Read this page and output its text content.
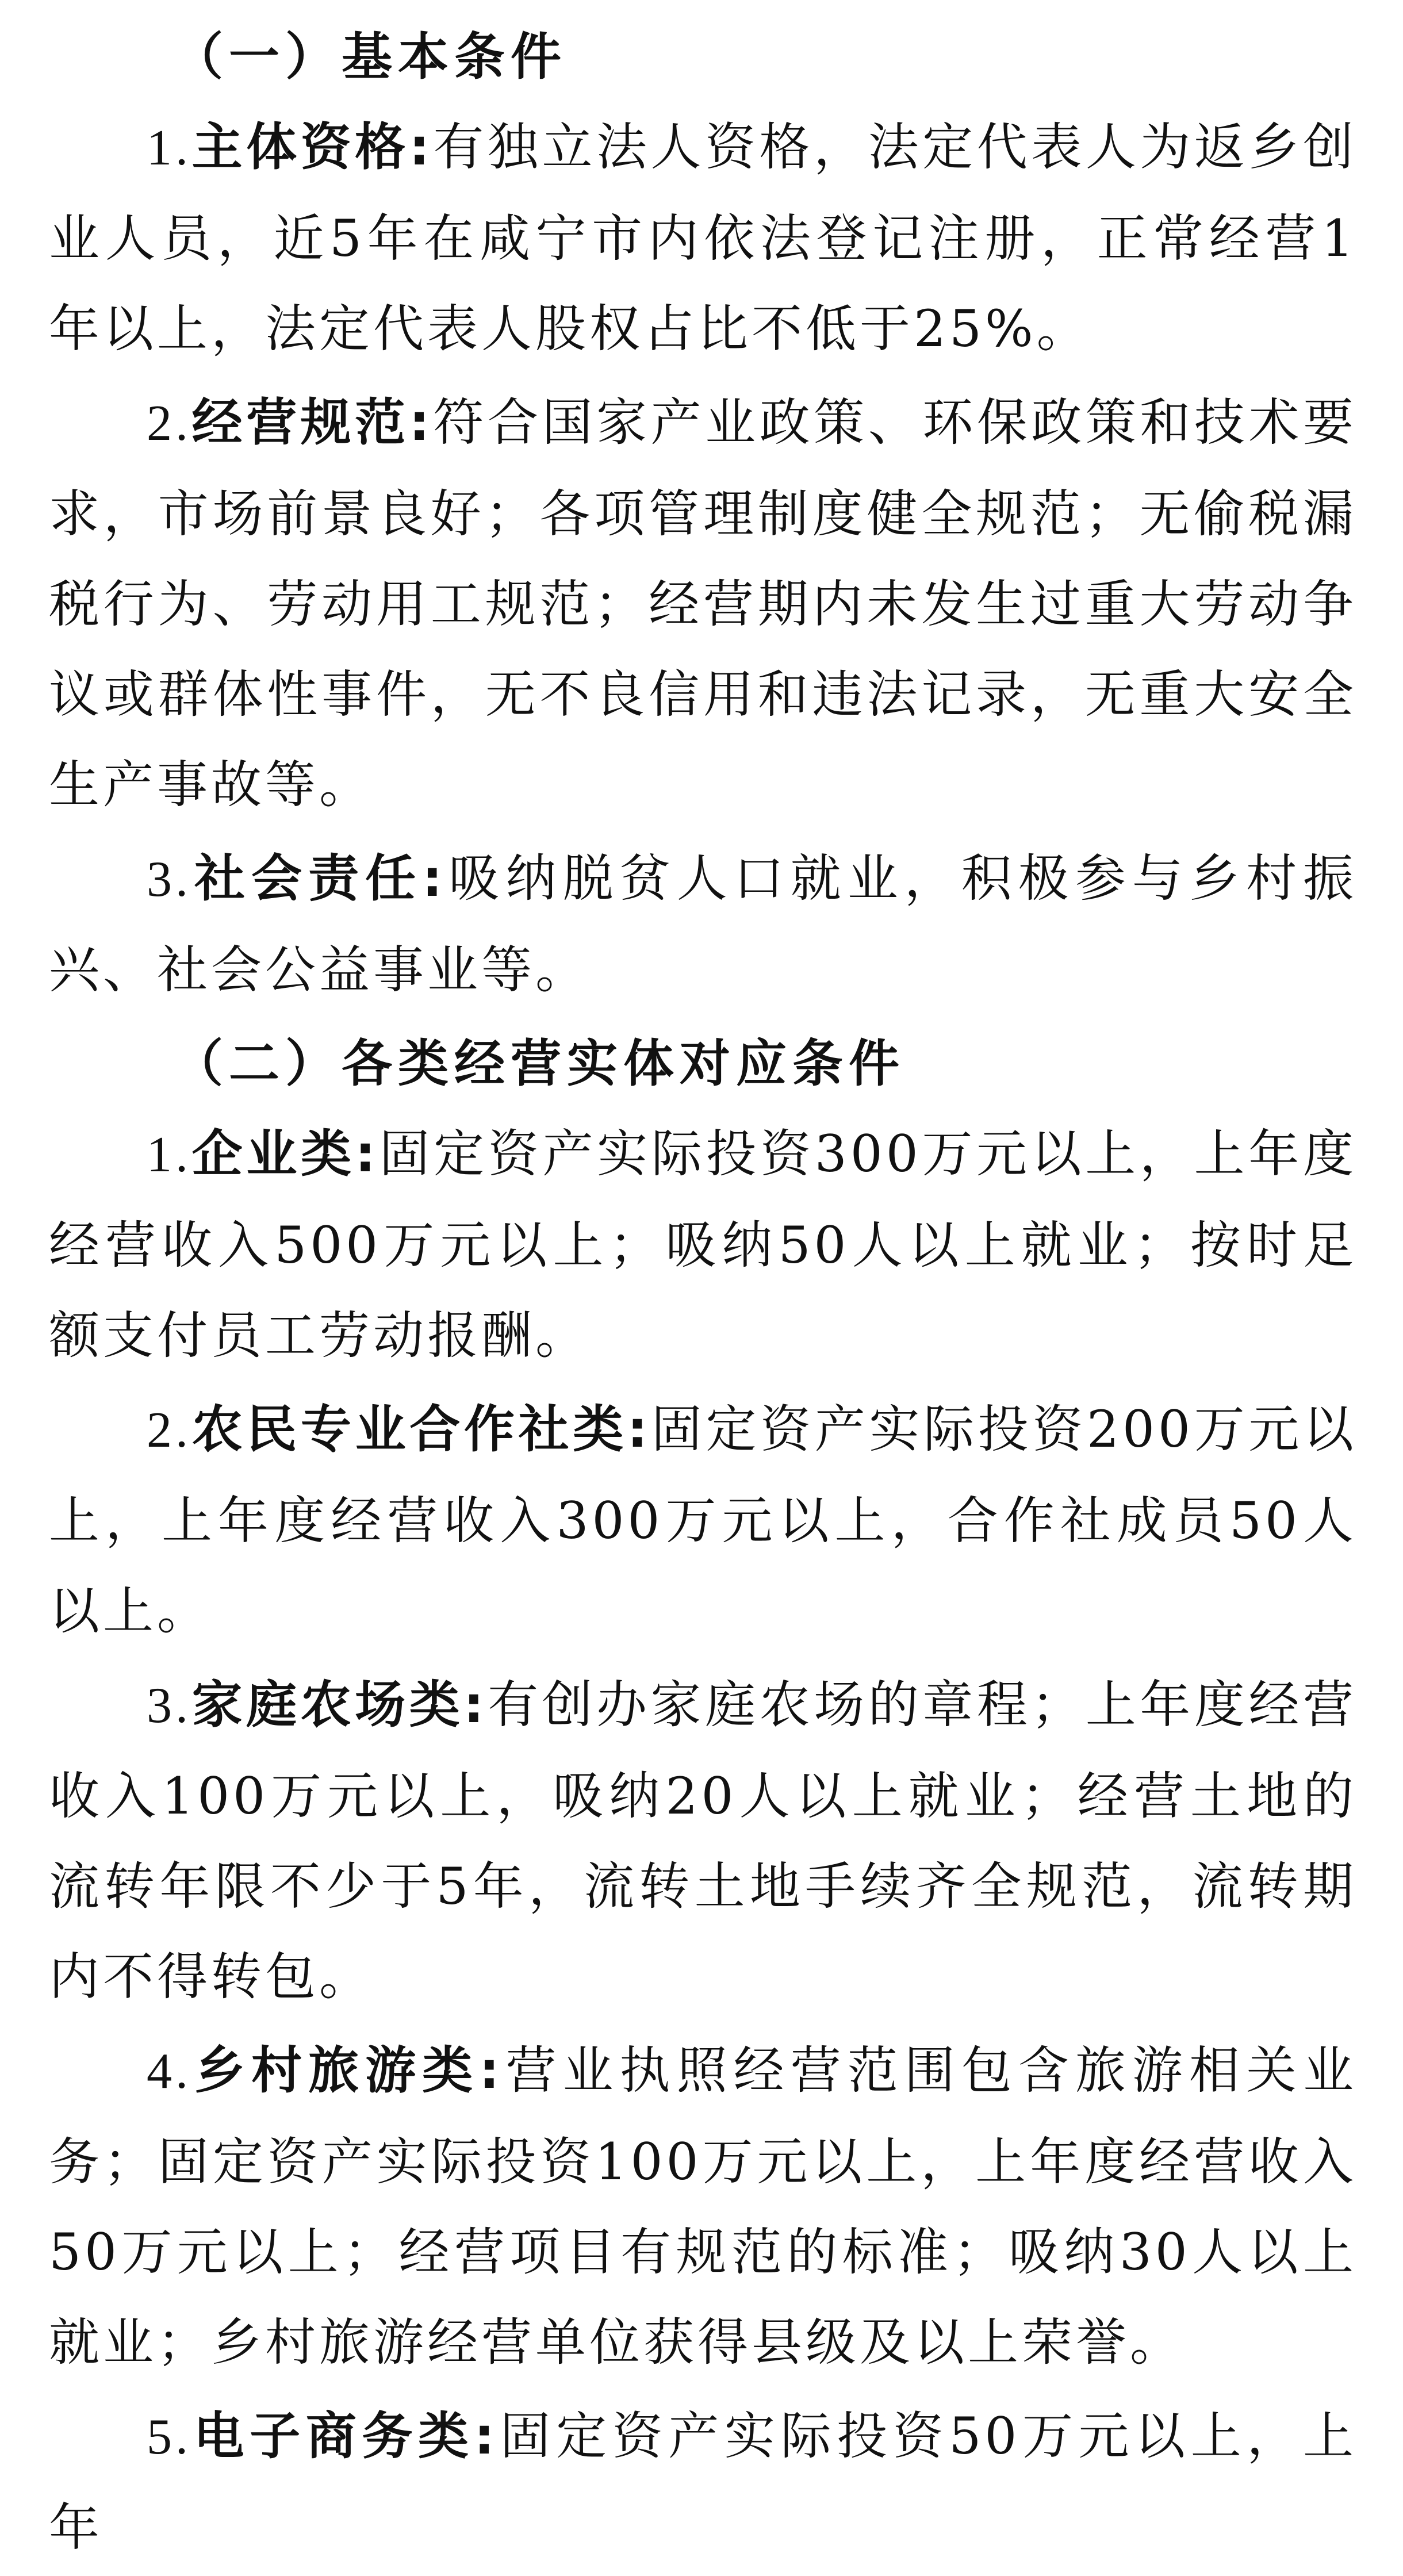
（一）基本条件

1.主体资格:有独立法人资格，法定代表人为返乡创业人员，近5年在咸宁市内依法登记注册，正常经营1年以上，法定代表人股权占比不低于25%。

2.经营规范:符合国家产业政策、环保政策和技术要求，市场前景良好；各项管理制度健全规范；无偷税漏税行为、劳动用工规范；经营期内未发生过重大劳动争议或群体性事件，无不良信用和违法记录，无重大安全生产事故等。

3.社会责任:吸纳脱贫人口就业，积极参与乡村振兴、社会公益事业等。

（二）各类经营实体对应条件

1.企业类:固定资产实际投资300万元以上，上年度经营收入500万元以上；吸纳50人以上就业；按时足额支付员工劳动报酬。

2.农民专业合作社类:固定资产实际投资200万元以上，上年度经营收入300万元以上，合作社成员50人以上。

3.家庭农场类:有创办家庭农场的章程；上年度经营收入100万元以上，吸纳20人以上就业；经营土地的流转年限不少于5年，流转土地手续齐全规范，流转期内不得转包。

4.乡村旅游类:营业执照经营范围包含旅游相关业务；固定资产实际投资100万元以上，上年度经营收入50万元以上；经营项目有规范的标准；吸纳30人以上就业；乡村旅游经营单位获得县级及以上荣誉。

5.电子商务类:固定资产实际投资50万元以上，上年
